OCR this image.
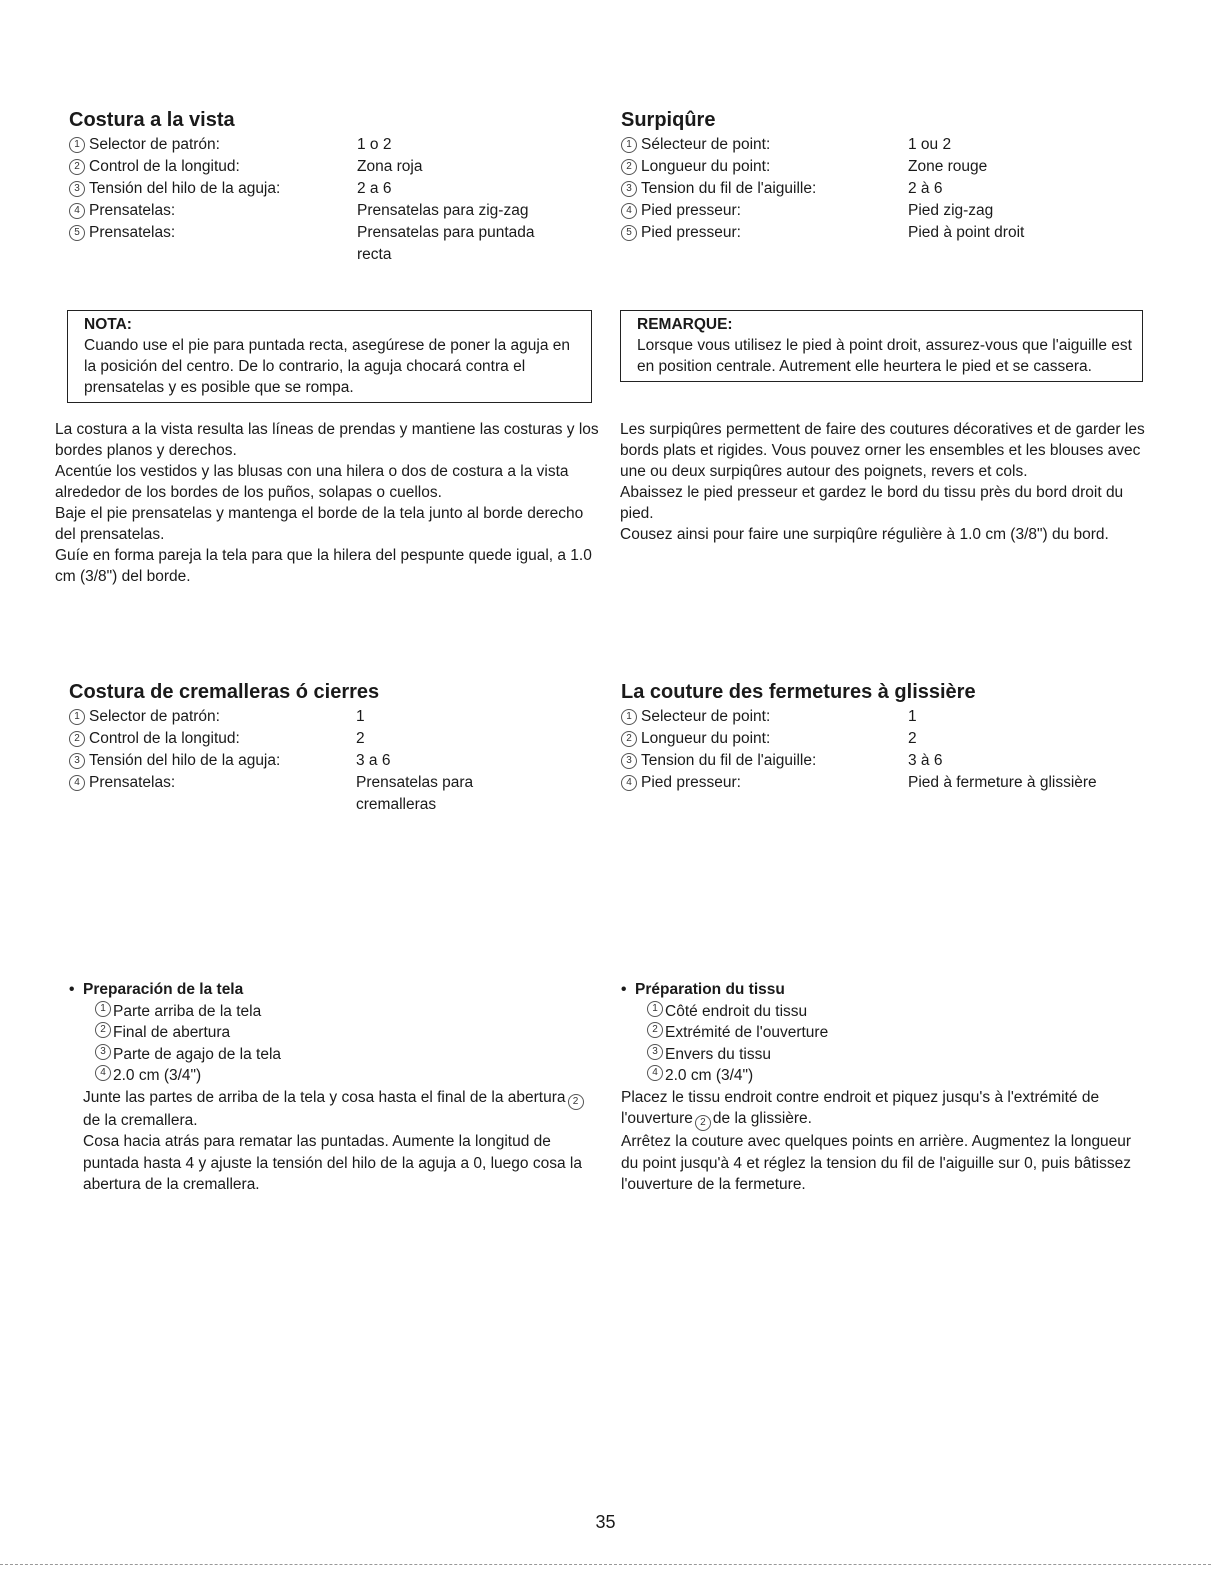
Costura a la vista
1 Selector de patrón:	1 o 2
2 Control de la longitud:	Zona roja
3 Tensión del hilo de la aguja:	2 a 6
4 Prensatelas:	Prensatelas para zig-zag
5 Prensatelas:	Prensatelas para puntada recta
NOTA:
Cuando use el pie para puntada recta, asegúrese de poner la aguja en la posición del centro. De lo contrario, la aguja chocará contra el prensatelas y es posible que se rompa.

La costura a la vista resulta las líneas de prendas y mantiene las costuras y los bordes planos y derechos.

Acentúe los vestidos y las blusas con una hilera o dos de costura a la vista alrededor de los bordes de los puños, solapas o cuellos.

Baje el pie prensatelas y mantenga el borde de la tela junto al borde derecho del prensatelas.

Guíe en forma pareja la tela para que la hilera del pespunte quede igual, a 1.0 cm (3/8") del borde.

Surpiqûre
1 Sélecteur de point:	1 ou 2
2 Longueur du point:	Zone rouge
3 Tension du fil de l'aiguille:	2 à 6
4 Pied presseur:	Pied zig-zag
5 Pied presseur:	Pied à point droit
REMARQUE:
Lorsque vous utilisez le pied à point droit, assurez-vous que l'aiguille est en position centrale. Autrement elle heurtera le pied et se cassera.

Les surpiqûres permettent de faire des coutures décoratives et de garder les bords plats et rigides. Vous pouvez orner les ensembles et les blouses avec une ou deux surpiqûres autour des poignets, revers et cols.

Abaissez le pied presseur et gardez le bord du tissu près du bord droit du pied.

Cousez ainsi pour faire une surpiqûre régulière à 1.0 cm (3/8") du bord.

Costura de cremalleras ó cierres
1 Selector de patrón:	1
2 Control de la longitud:	2
3 Tensión del hilo de la aguja:	3 a 6
4 Prensatelas:	Prensatelas para cremalleras
La couture des fermetures à glissière
1 Selecteur de point:	1
2 Longueur du point:	2
3 Tension du fil de l'aiguille:	3 à 6
4 Pied presseur:	Pied à fermeture à glissière
• Preparación de la tela
1 Parte arriba de la tela
2 Final de abertura
3 Parte de agajo de la tela
4 2.0 cm (3/4")

Junte las partes de arriba de la tela y cosa hasta el final de la abertura 2de la cremallera.

Cosa hacia atrás para rematar las puntadas. Aumente la longitud de puntada hasta 4 y ajuste la tensión del hilo de la aguja a 0, luego cosa la abertura de la cremallera.

• Préparation du tissu
1 Côté endroit du tissu
2 Extrémité de l'ouverture
3 Envers du tissu
4 2.0 cm (3/4")

Placez le tissu endroit contre endroit et piquez jusqu's à l'extrémité de l'ouverture 2 de la glissière.

Arrêtez la couture avec quelques points en arrière. Augmentez la longueur du point jusqu'à 4 et réglez la tension du fil de l'aiguille sur 0, puis bâtissez l'ouverture de la fermeture.

35
